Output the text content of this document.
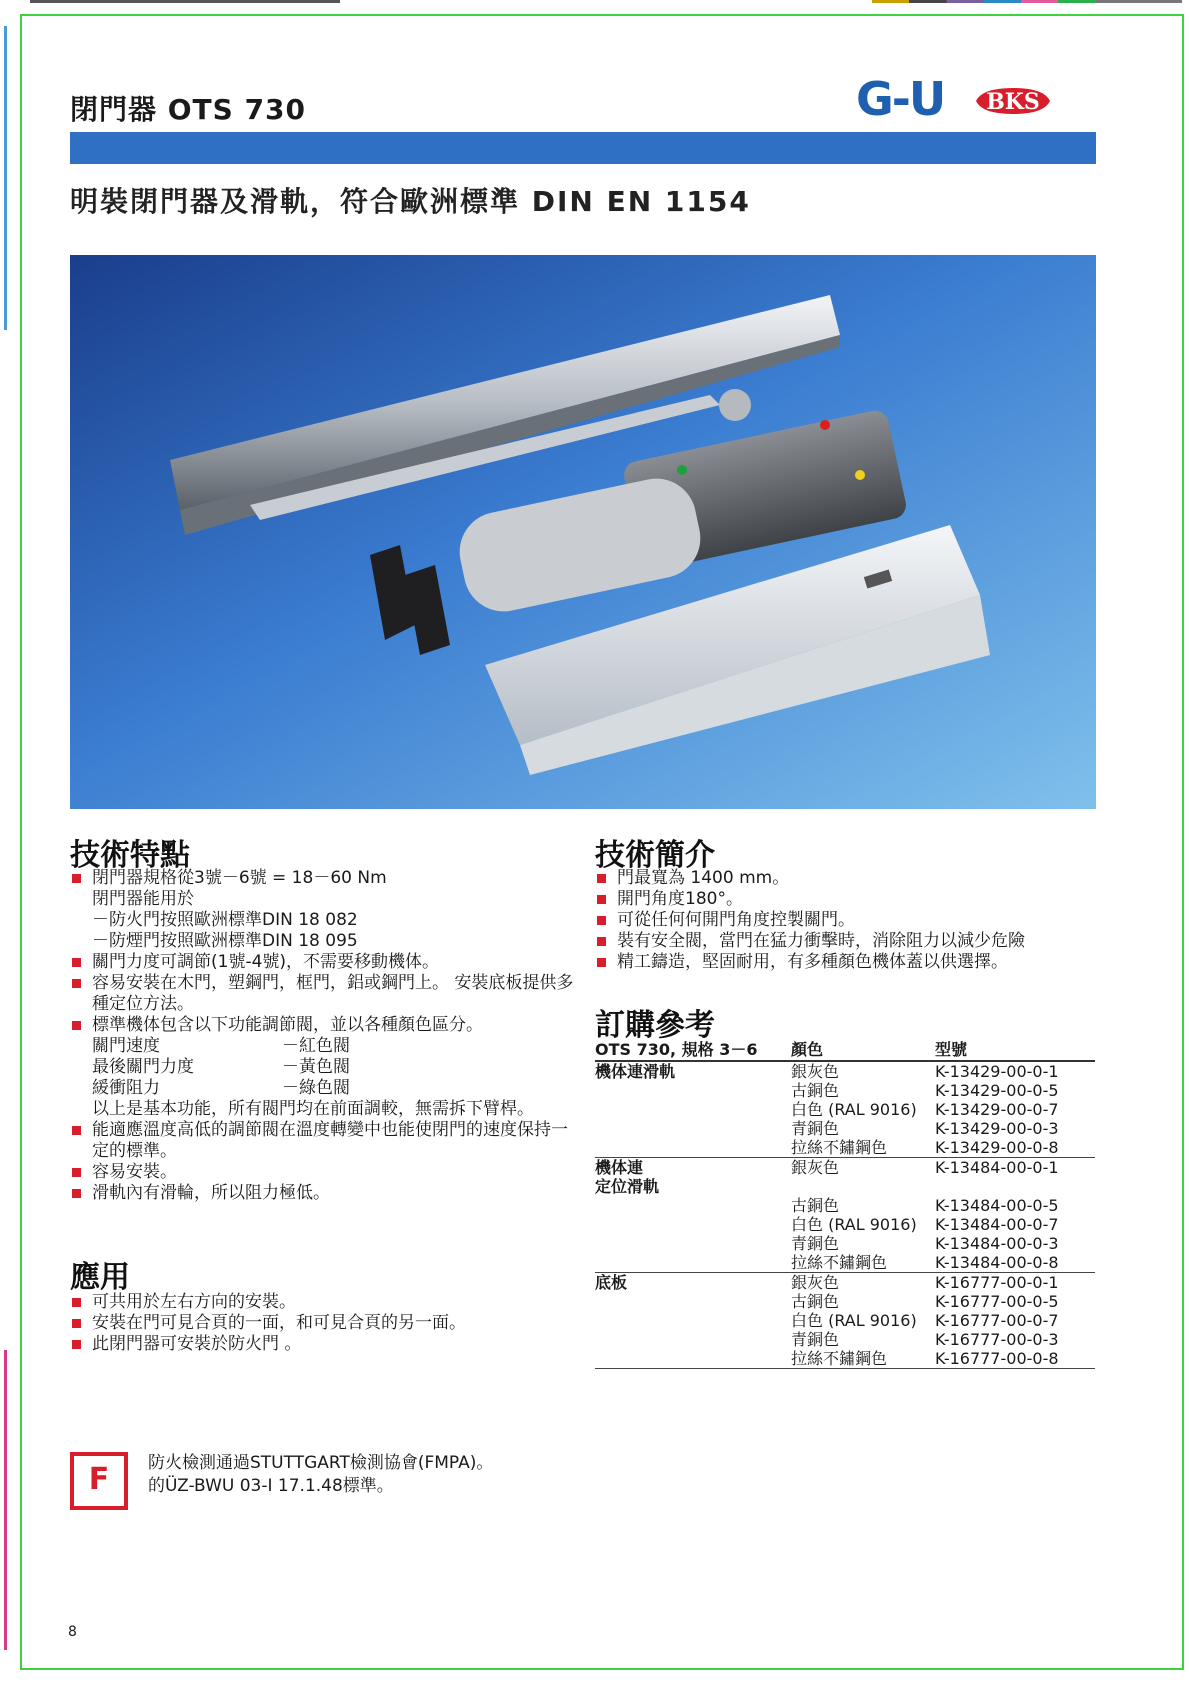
閉門器 OTS 730	G-U BKS
明裝閉門器及滑軌，符合歐洲標準 DIN EN 1154
技術特點
閉門器規格從3號－6號 = 18－60 Nm
閉門器能用於
－防火門按照歐洲標準DIN 18 082
－防煙門按照歐洲標準DIN 18 095
關門力度可調節(1號-4號)，不需要移動機体。
容易安裝在木門，塑鋼門，框門，鋁或鋼門上。 安裝底板提供多種定位方法。
標準機体包含以下功能調節閥，並以各種顏色區分。
關門速度	－紅色閥
最後關門力度	－黃色閥
緩衝阻力	－綠色閥
以上是基本功能，所有閥門均在前面調較，無需拆下臂桿。
能適應溫度高低的調節閥在溫度轉變中也能使閉門的速度保持一定的標準。
容易安裝。
滑軌內有滑輪，所以阻力極低。
應用
可共用於左右方向的安裝。
安裝在門可見合頁的一面，和可見合頁的另一面。
此閉門器可安裝於防火門 。
技術簡介
門最寬為 1400 mm。
開門角度180°。
可從任何何開門角度控製關門。
裝有安全閥，當門在猛力衝擊時，消除阻力以減少危險
精工鑄造，堅固耐用，有多種顏色機体蓋以供選擇。
訂購參考
OTS 730, 規格 3－6	顏色	型號
機体連滑軌	銀灰色	K-13429-00-0-1
	古銅色	K-13429-00-0-5
	白色 (RAL 9016)	K-13429-00-0-7
	青銅色	K-13429-00-0-3
	拉絲不鏽鋼色	K-13429-00-0-8
機体連
定位滑軌	銀灰色	K-13484-00-0-1
	古銅色	K-13484-00-0-5
	白色 (RAL 9016)	K-13484-00-0-7
	青銅色	K-13484-00-0-3
	拉絲不鏽鋼色	K-13484-00-0-8
底板	銀灰色	K-16777-00-0-1
	古銅色	K-16777-00-0-5
	白色 (RAL 9016)	K-16777-00-0-7
	青銅色	K-16777-00-0-3
	拉絲不鏽鋼色	K-16777-00-0-8
F	防火檢測通過STUTTGART檢測協會(FMPA)。
的ÜZ-BWU 03-I 17.1.48標準。
8
